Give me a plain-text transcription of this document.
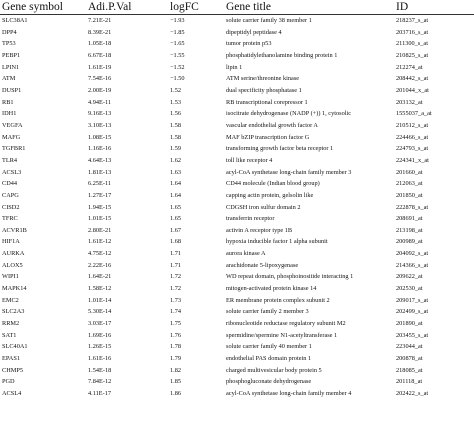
Gene symbol	Adi.P.Val	logFC	Gene title	ID
SLC38A1	7.21E-21	−1.93	solute carrier family 38 member 1	218237_s_at
DPP4	8.39E-21	−1.85	dipeptidyl peptidase 4	203716_s_at
TP53	1.05E-18	−1.65	tumor protein p53	211300_s_at
PEBP1	6.67E-18	−1.55	phosphatidylethanolamine binding protein 1	210825_s_at
LPIN1	1.61E-19	−1.52	lipin 1	212274_at
ATM	7.54E-16	−1.50	ATM serine/threonine kinase	208442_s_at
DUSP1	2.00E-19	1.52	dual specificity phosphatase 1	201044_x_at
RB1	4.94E-11	1.53	RB transcriptional corepressor 1	203132_at
IDH1	9.16E-13	1.56	isocitrate dehydrogenase (NADP (+)) 1, cytosolic	1555037_a_at
VEGFA	3.10E-13	1.58	vascular endothelial growth factor A	210512_s_at
MAFG	1.08E-15	1.58	MAF bZIP transcription factor G	224466_s_at
TGFBR1	1.16E-16	1.59	transforming growth factor beta receptor 1	224793_s_at
TLR4	4.64E-13	1.62	toll like receptor 4	224341_x_at
ACSL3	1.81E-13	1.63	acyl-CoA synthetase long-chain family member 3	201660_at
CD44	6.25E-11	1.64	CD44 molecule (Indian blood group)	212063_at
CAPG	1.27E-17	1.64	capping actin protein, gelsolin like	201850_at
CISD2	1.94E-15	1.65	CDGSH iron sulfur domain 2	222878_s_at
TFRC	1.01E-15	1.65	transferrin receptor	208691_at
ACVR1B	2.80E-21	1.67	activin A receptor type 1B	213198_at
HIF1A	1.61E-12	1.68	hypoxia inducible factor 1 alpha subunit	200989_at
AURKA	4.75E-12	1.71	aurora kinase A	204092_s_at
ALOX5	2.22E-16	1.71	arachidonate 5-lipoxygenase	214366_s_at
WIPI1	1.64E-21	1.72	WD repeat domain, phosphoinositide interacting 1	209622_at
MAPK14	1.58E-12	1.72	mitogen-activated protein kinase 14	202530_at
EMC2	1.01E-14	1.73	ER membrane protein complex subunit 2	209017_s_at
SLC2A3	5.30E-14	1.74	solute carrier family 2 member 3	202499_s_at
RRM2	3.03E-17	1.75	ribonucleotide reductase regulatory subunit M2	201890_at
SAT1	1.69E-16	1.76	spermidine/spermine N1-acetyltransferase 1	203455_s_at
SLC40A1	1.26E-15	1.78	solute carrier family 40 member 1	223044_at
EPAS1	1.61E-16	1.79	endothelial PAS domain protein 1	200878_at
CHMP5	1.54E-18	1.82	charged multivesicular body protein 5	218085_at
PGD	7.84E-12	1.85	phosphogluconate dehydrogenase	201118_at
ACSL4	4.11E-17	1.86	acyl-CoA synthetase long-chain family member 4	202422_s_at
